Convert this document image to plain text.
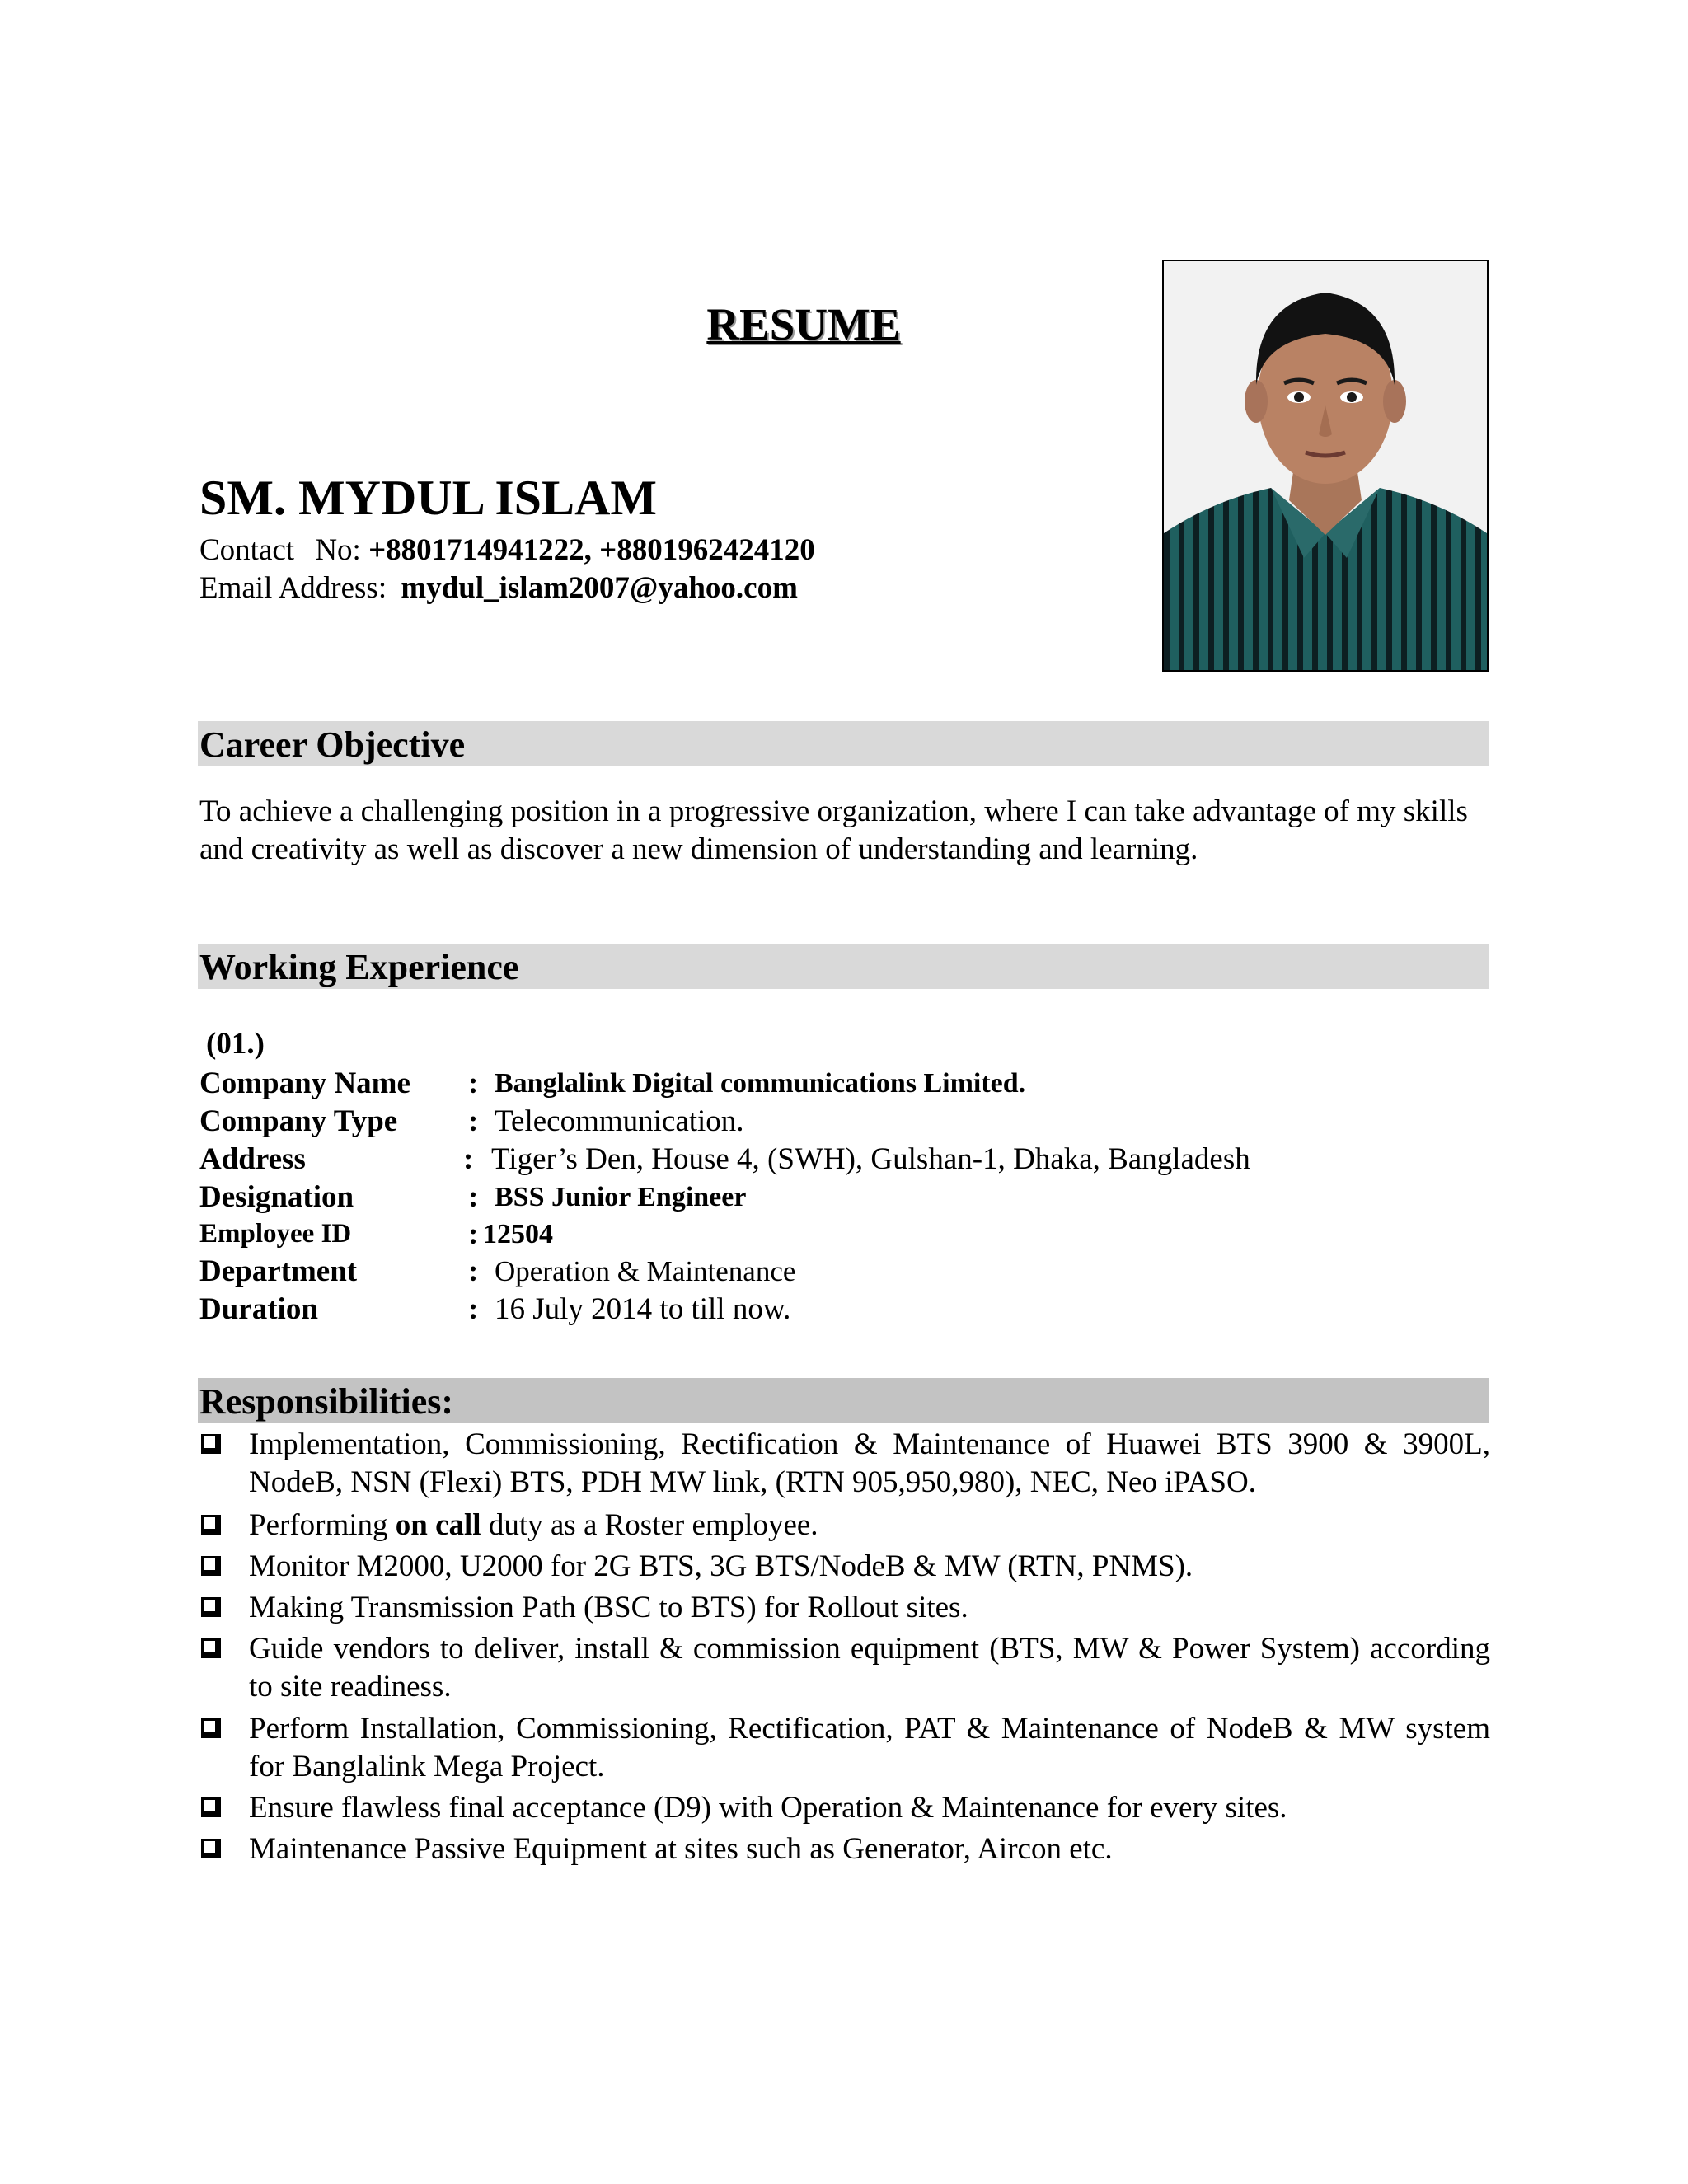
RESUME
SM. MYDUL ISLAM
Contact No: +8801714941222, +8801962424120
Email Address: mydul_islam2007@yahoo.com
Career Objective
To achieve a challenging position in a progressive organization, where I can take advantage of my skills and creativity as well as discover a new dimension of understanding and learning.
Working Experience
(01.)
Company Name : Banglalink Digital communications Limited.
Company Type : Telecommunication.
Address	: Tiger’s Den, House 4, (SWH), Gulshan-1, Dhaka, Bangladesh
Designation	: BSS Junior Engineer
Employee ID	: 12504
Department	: Operation & Maintenance
Duration	: 16 July 2014 to till now.
Responsibilities:
Implementation, Commissioning, Rectification & Maintenance of Huawei BTS 3900 & 3900L, NodeB, NSN (Flexi) BTS, PDH MW link, (RTN 905,950,980), NEC, Neo iPASO.
Performing on call duty as a Roster employee.
Monitor M2000, U2000 for 2G BTS, 3G BTS/NodeB & MW (RTN, PNMS).
Making Transmission Path (BSC to BTS) for Rollout sites.
Guide vendors to deliver, install & commission equipment (BTS, MW & Power System) according to site readiness.
Perform Installation, Commissioning, Rectification, PAT & Maintenance of NodeB & MW system for Banglalink Mega Project.
Ensure flawless final acceptance (D9) with Operation & Maintenance for every sites.
Maintenance Passive Equipment at sites such as Generator, Aircon etc.
